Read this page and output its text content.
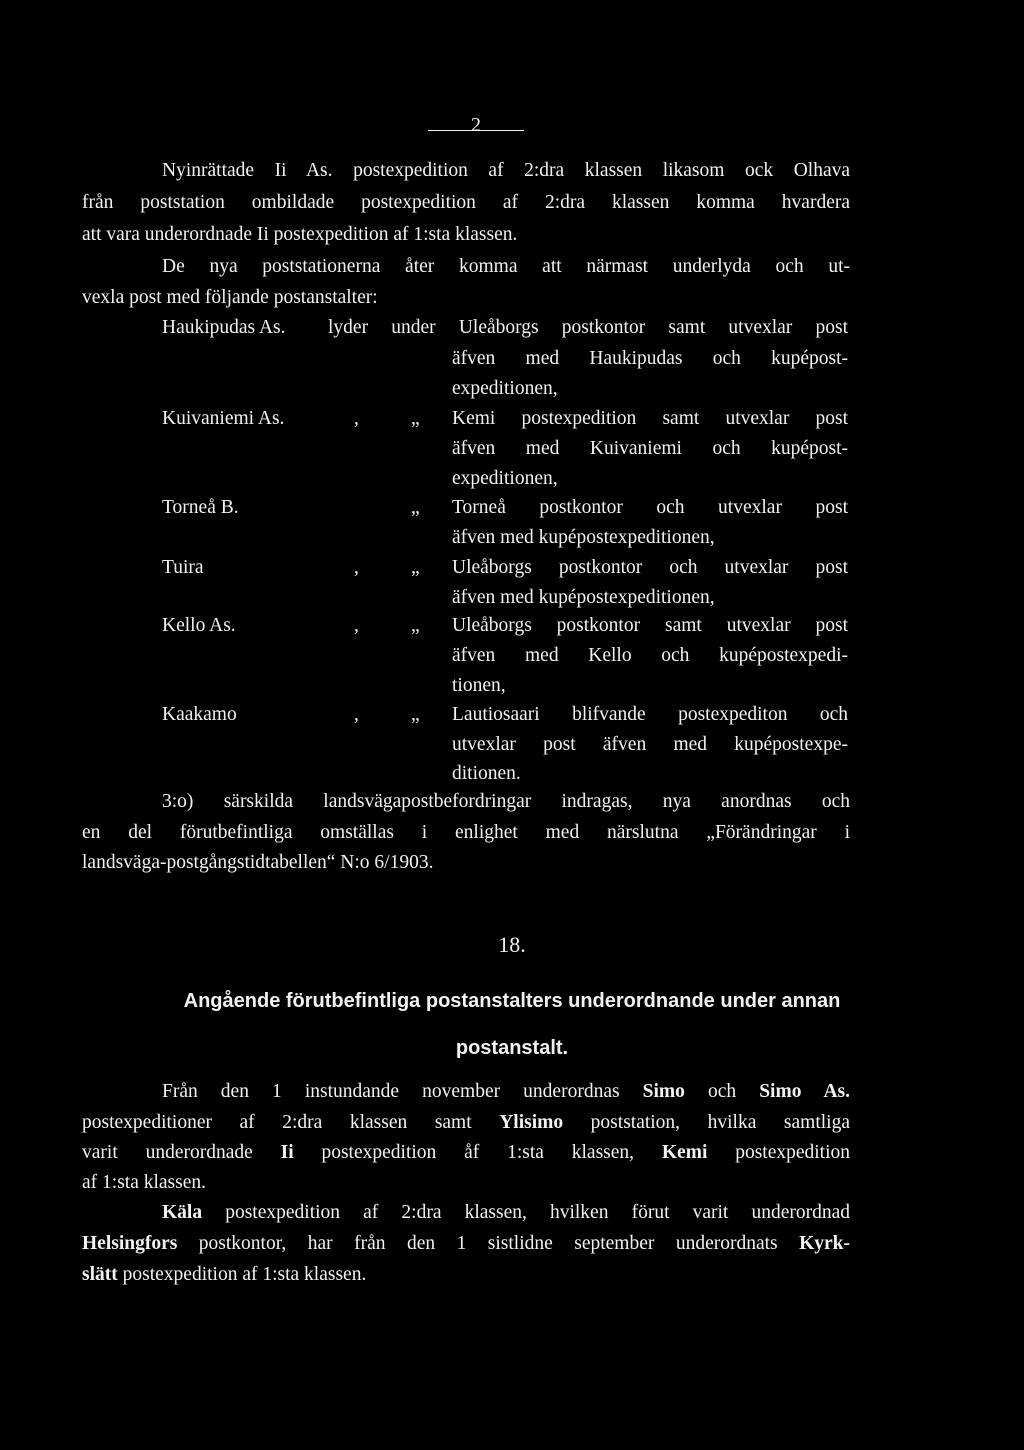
2
Nyinrättade Ii As. postexpedition af 2:dra klassen likasom ock Olhava
från poststation ombildade postexpedition af 2:dra klassen komma hvardera
att vara underordnade Ii postexpedition af 1:sta klassen.
De nya poststationerna åter komma att närmast underlyda och ut-
vexla post med följande postanstalter:
Haukipudas As. lyder under Uleåborgs postkontor samt utvexlar post
äfven med Haukipudas och kupépost-
expeditionen,
Kuivaniemi As.	,	„ Kemi postexpedition samt utvexlar post
äfven med Kuivaniemi och kupépost-
expeditionen,
Torneå B.	„ Torneå postkontor och utvexlar post
äfven med kupépostexpeditionen,
Tuira	,	„ Uleåborgs postkontor och utvexlar post
äfven med kupépostexpeditionen,
Kello As.	,	„ Uleåborgs postkontor samt utvexlar post
äfven med Kello och kupépostexpedi-
tionen,
Kaakamo	,	„ Lautiosaari blifvande postexpediton och
utvexlar post äfven med kupépostexpe-
ditionen.
3:o) särskilda landsvägapostbefordringar indragas, nya anordnas och
en del förutbefintliga omställas i enlighet med närslutna „Förändringar i
landsväga-postgångstidtabellen“ N:o 6/1903.
18.
Angående förutbefintliga postanstalters underordnande under annan
postanstalt.
Från den 1 instundande november underordnas Simo och Simo As.
postexpeditioner af 2:dra klassen samt Ylisimo poststation, hvilka samtliga
varit underordnade Ii postexpedition åf 1:sta klassen, Kemi postexpedition
af 1:sta klassen.
Käla postexpedition af 2:dra klassen, hvilken förut varit underordnad
Helsingfors postkontor, har från den 1 sistlidne september underordnats Kyrk-
slätt postexpedition af 1:sta klassen.
